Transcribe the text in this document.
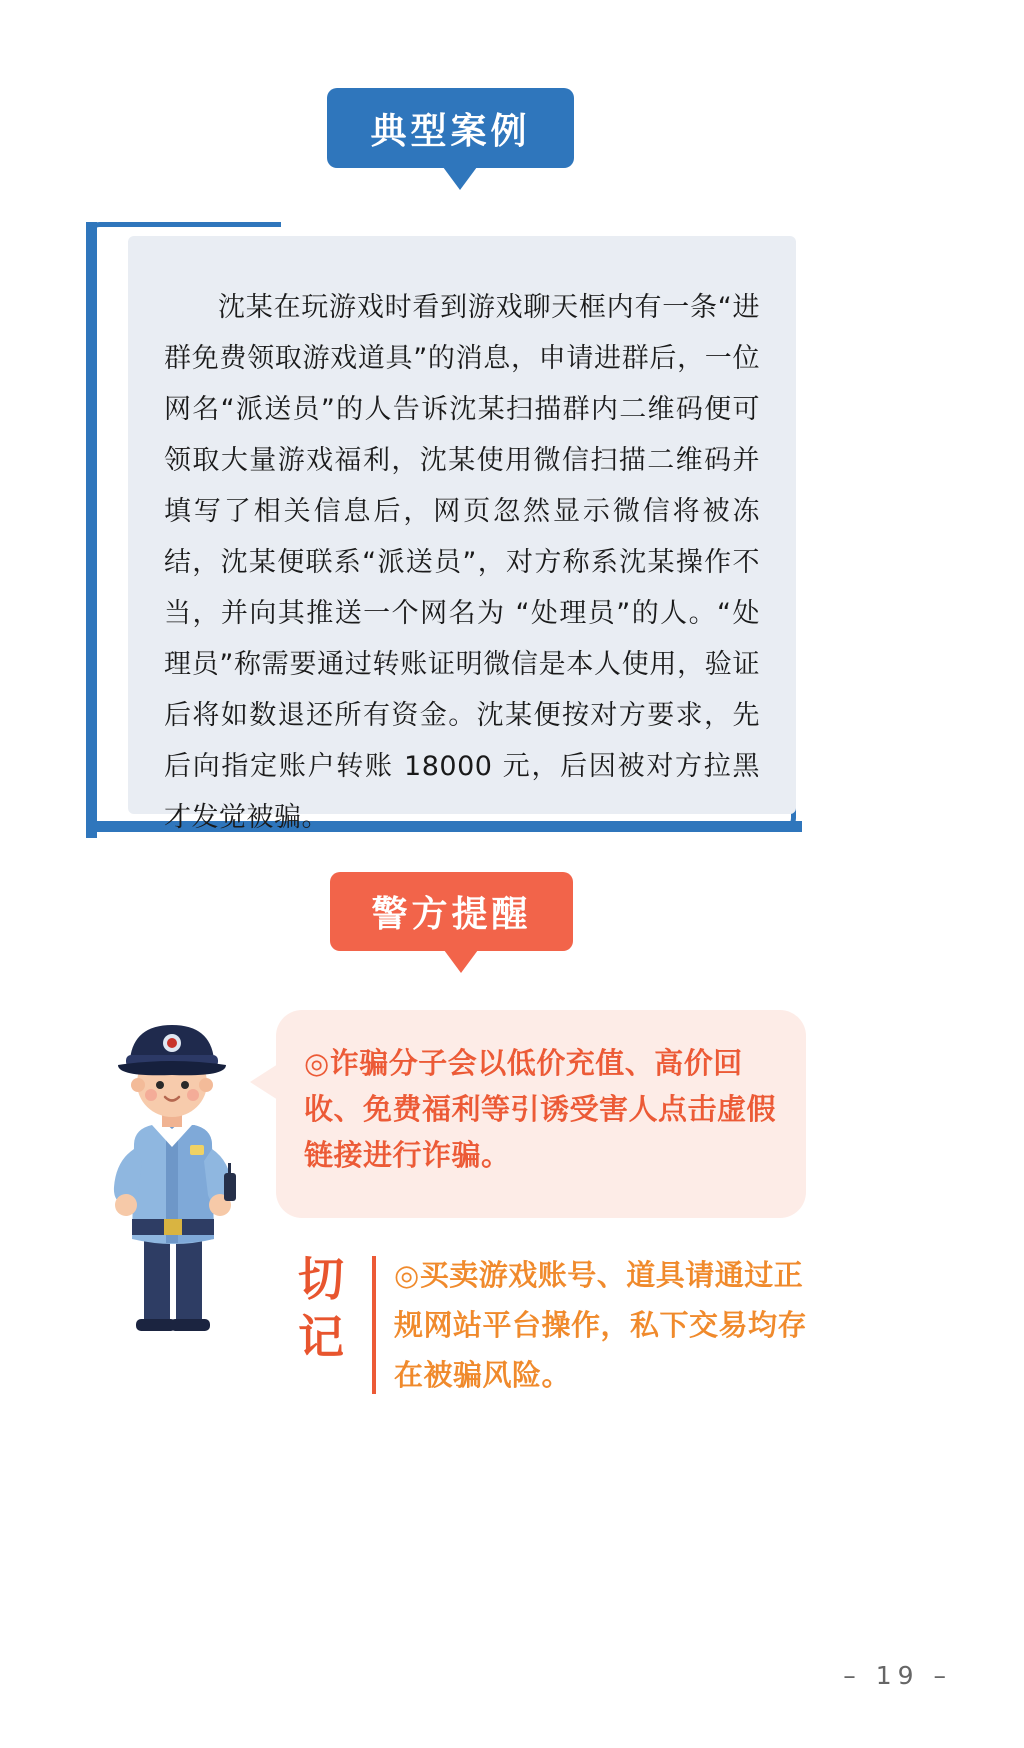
典型案例
沈某在玩游戏时看到游戏聊天框内有一条“进群免费领取游戏道具”的消息，申请进群后，一位网名“派送员”的人告诉沈某扫描群内二维码便可领取大量游戏福利，沈某使用微信扫描二维码并填写了相关信息后，网页忽然显示微信将被冻结，沈某便联系“派送员”，对方称系沈某操作不当，并向其推送一个网名为 “处理员”的人。“处理员”称需要通过转账证明微信是本人使用，验证后将如数退还所有资金。沈某便按对方要求，先后向指定账户转账 18000 元，后因被对方拉黑才发觉被骗。
警方提醒
◎诈骗分子会以低价充值、高价回收、免费福利等引诱受害人点击虚假链接进行诈骗。
切记
◎买卖游戏账号、道具请通过正规网站平台操作，私下交易均存在被骗风险。
– 19 –
